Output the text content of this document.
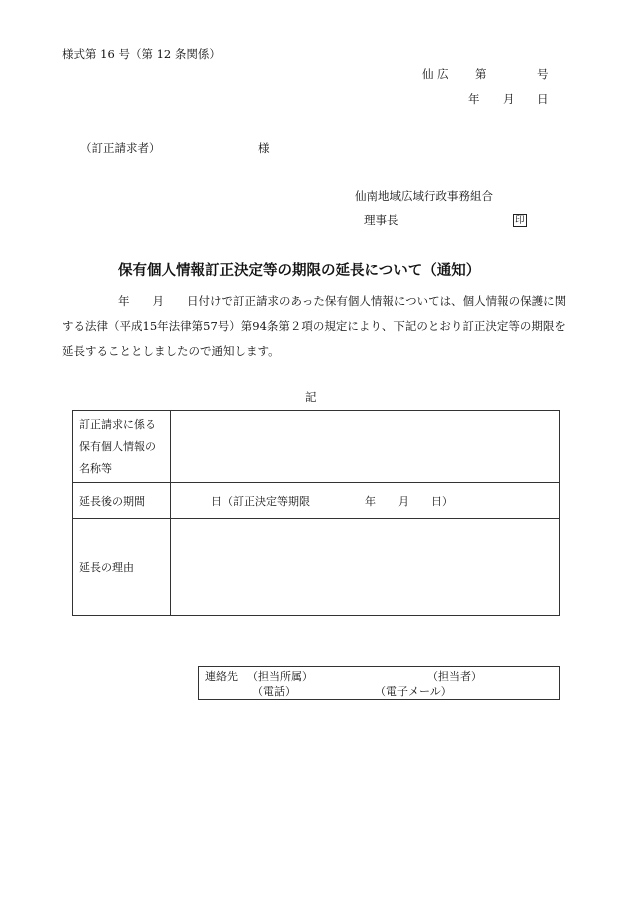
様式第 16 号（第 12 条関係）
仙 広 第	号
年 月 日
（訂正請求者）	様
仙南地域広域行政事務組合
理事長	印
保有個人情報訂正決定等の期限の延長について（通知）
年　　月　　日付けで訂正請求のあった保有個人情報については、個人情報の保護に関
する法律（平成15年法律第57号）第94条第２項の規定により、下記のとおり訂正決定等の期限を
延長することとしましたので通知します。
記
訂正請求に係る
保有個人情報の
名称等	

延長後の期間	日（訂正決定等期限　　　　　年　　月　　日）
延長の理由	
連絡先 （担当所属）	（担当者）
（電話）	（電子メール）
